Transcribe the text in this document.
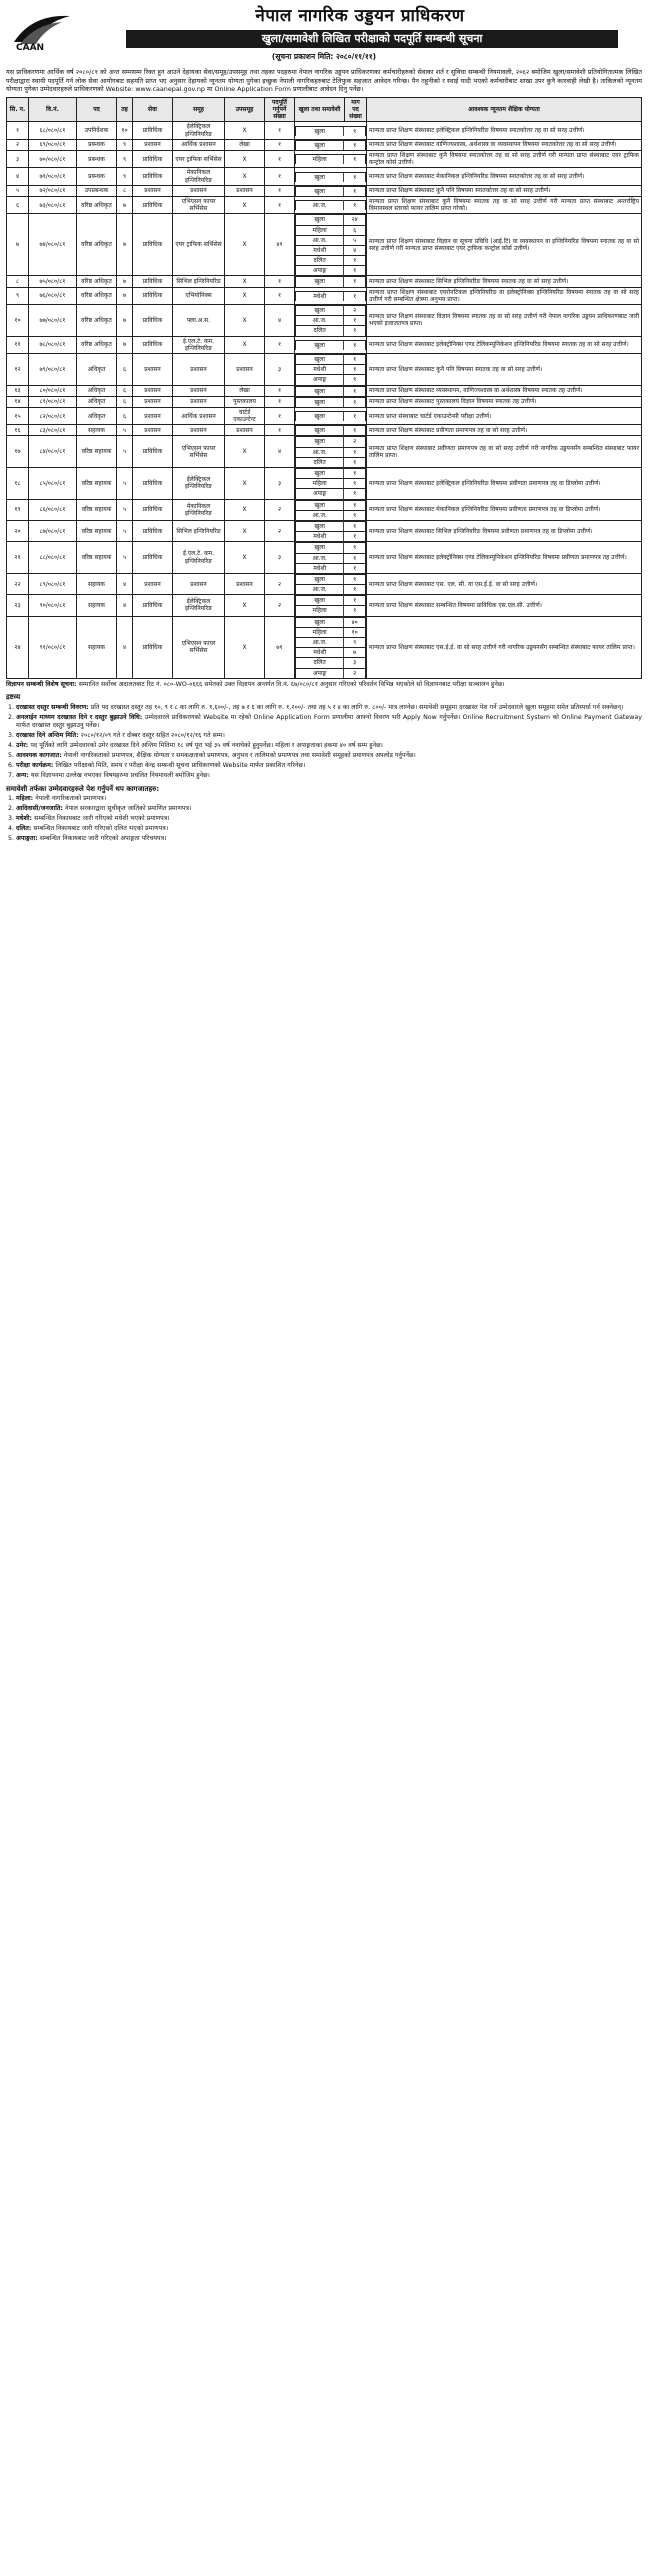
CAAN
नेपाल नागरिक उड्डयन प्राधिकरण
खुला/समावेशी लिखित परीक्षाको पदपूर्ति सम्बन्धी सूचना
(सूचना प्रकाशन मिति: २०८०/११/११)
यस प्राधिकरणमा आर्थिक वर्ष २०८०/८१ को अन्त सम्मसम्म रिक्त हुन आउने देहायका सेवा/समूह/उपसमूह तथा तहका पदहरुमा नेपाल नागरिक उड्डयन प्राधिकरणका कर्मचारीहरुको सेवाका शर्त र सुविधा सम्बन्धी नियमावली, २०६२ बमोजिम खुला/समावेशी प्रतियोगितात्मक लिखित परीक्षाद्वारा स्थायी पदपूर्ति गर्न लोक सेवा आयोगबाट सहमति प्राप्त भए अनुसार देहायको न्यूनतम योग्यता पुगेका इच्छुक नेपाली नागरिकहरुबाट टेलिफुक सहजात आवेदन गरिन्छ। पैन तहूनीको र स्थाई यादी भएको कर्मचारीबाट शाखा उपर कुनै कारवाही लेखी है। ताकिलको न्यूनतम योग्यता पुगेका उम्मेदवारहरुले प्राधिकरणको Website: www.caanepal.gov.np मा Online Application Form प्रणालीबाट आवेदन दिनु पर्नेछ।
सि. न.	वि.नं.	पद	तह	सेवा	समूह	उपसमूह	पदपूर्ति गर्नुपर्ने संख्या	खुला तथा समावेशी	माग पद संख्या	आवश्यक न्यूनतम शैक्षिक योग्यता
१	६८/०८०/८१	उपनिर्देशक	१०	प्राविधिक	ईलेक्ट्रिकल इन्जिनियरिङ	X	१		खुला	१
	मान्यता प्राप्त शिक्षण संस्थाबाट इलेक्ट्रिकल इन्जिनियरिङ विषयमा स्नातकोत्तर तह वा सो सरह उत्तीर्ण।
२	६९/०८०/८१	प्रबन्धक	९	प्रशासन	आर्थिक प्रशासन	लेखा	१		खुला	१
	मान्यता प्राप्त शिक्षण संस्थाबाट वाणिज्यशास्त्र, अर्थशास्त्र वा व्यवस्थापन विषयमा स्नातकोत्तर तह वा सो सरह उत्तीर्ण।
३	७०/०८०/८१	प्रबन्धक	९	प्राविधिक	एयर ट्राफिक सर्भिसेस	X	१		महिला	१
	मान्यता प्राप्त शिक्षण संस्थाबाट कुनै विषयमा स्नातकोत्तर तह वा सो सरह उत्तीर्ण गरी मान्यता प्राप्त संस्थाबाट एयर ट्राफिक कन्ट्रोल कोर्स उत्तीर्ण।
४	७१/०८०/८१	प्रबन्धक	९	प्राविधिक	मेकानिकल इन्जिनियरिङ	X	१		खुला	१
	मान्यता प्राप्त शिक्षण संस्थाबाट मेकानिकल इन्जिनियरिङ विषयमा स्नातकोत्तर तह वा सो सरह उत्तीर्ण।
५	७२/०८०/८१	उपप्रबन्धक	८	प्रशासन	प्रशासन	प्रशासन	१		खुला	१
	मान्यता प्राप्त शिक्षण संस्थाबाट कुनै पनि विषयमा स्नातकोत्तर तह वा सो सरह उत्तीर्ण।
६	७३/०८०/८१	वरिष्ठ अधिकृत	७	प्राविधिक	एभिएसन फायर सर्भिसेस	X	१		आ.ज.	१
	मान्यता प्राप्त शिक्षण संस्थाबाट कुनै विषयमा स्नातक तह वा सो सरह उत्तीर्ण गरी मान्यता प्राप्त संस्थाबाट अन्तर्राष्ट्रिय विमानस्थल स्तरको फायर तालिम प्राप्त गरेको।
७	७४/०८०/८१	वरिष्ठ अधिकृत	७	प्राविधिक	एयर ट्राफिक सर्भिसेस	X	४१	
खुला	२४
महिला	६
आ.ज.	५
मधेशी	४
दलित	१
अपाङ्ग	१
	मान्यता प्राप्त शिक्षण संस्थाबाट विज्ञान वा सूचना प्रविधि (आई.टि) वा व्यवस्थापन वा इन्जिनियरिङ विषयमा स्नातक तह वा सो सरह उत्तीर्ण गरी मान्यता प्राप्त संस्थाबाट एयर ट्राफिक कन्ट्रोल कोर्स उत्तीर्ण।
८	७५/०८०/८१	वरिष्ठ अधिकृत	७	प्राविधिक	सिभिल इन्जिनियरिङ	X	१		खुला	१
	मान्यता प्राप्त शिक्षण संस्थाबाट सिभिल इन्जिनियरिङ विषयमा स्नातक तह वा सो सरह उत्तीर्ण।
९	७६/०८०/८१	वरिष्ठ अधिकृत	७	प्राविधिक	एभियोनिक्स	X	१		मधेशी	१
	मान्यता प्राप्त शिक्षण संस्थाबाट एयरोनटिकल इन्जिनियरिङ वा इलेक्ट्रोनिक्स इन्जिनियरिङ विषयमा स्नातक तह वा सो सरह उत्तीर्ण गरी सम्बन्धित क्षेत्रमा अनुभव प्राप्त।
१०	७७/०८०/८१	वरिष्ठ अधिकृत	७	प्राविधिक	फ्ला.अ.स.	X	४	
खुला	२
आ.ज.	१
दलित	१
	मान्यता प्राप्त शिक्षण संस्थाबाट विज्ञान विषयमा स्नातक तह वा सो सरह उत्तीर्ण गरी नेपाल नागरिक उड्डयन प्राधिकरणबाट जारी भएको इजाजतपत्र प्राप्त।
११	७८/०८०/८१	वरिष्ठ अधिकृत	७	प्राविधिक	ई.एल.टे. कम. इन्जिनियरिङ	X	१		खुला	१
	मान्यता प्राप्त शिक्षण संस्थाबाट इलेक्ट्रोनिक्स एण्ड टेलिकम्युनिकेशन इन्जिनियरिङ विषयमा स्नातक तह वा सो सरह उत्तीर्ण।
१२	७९/०८०/८१	अधिकृत	६	प्रशासन	प्रशासन	प्रशासन	३	
खुला	१
मधेशी	१
अपाङ्ग	१
	मान्यता प्राप्त शिक्षण संस्थाबाट कुनै पनि विषयमा स्नातक तह वा सो सरह उत्तीर्ण।
१३	८०/०८०/८१	अधिकृत	६	प्रशासन	प्रशासन	लेखा	१		खुला	१
	मान्यता प्राप्त शिक्षण संस्थाबाट व्यवस्थापन, वाणिज्यशास्त्र वा अर्थशास्त्र विषयमा स्नातक तह उत्तीर्ण।
१४	८१/०८०/८१	अधिकृत	६	प्रशासन	प्रशासन	पुस्तकालय	१		खुला	१
	मान्यता प्राप्त शिक्षण संस्थाबाट पुस्तकालय विज्ञान विषयमा स्नातक तह उत्तीर्ण।
१५	८२/०८०/८१	अधिकृत	६	प्रशासन	आर्थिक प्रशासन	चार्टर्ड एकाउन्टेन्ट	१		खुला	१
	मान्यता प्राप्त संस्थाबाट चार्टर्ड एकाउन्टेन्सी परीक्षा उत्तीर्ण।
१६	८३/०८०/८१	सहायक	५	प्रशासन	प्रशासन	प्रशासन	१		खुला	१
	मान्यता प्राप्त शिक्षण संस्थाबाट प्रवीणता प्रमाणपत्र तह वा सो सरह उत्तीर्ण।
१७	८४/०८०/८१	वरिष्ठ सहायक	५	प्राविधिक	एभिएसन फायर सर्भिसेस	X	४	
खुला	२
आ.ज.	१
दलित	१
	मान्यता प्राप्त शिक्षण संस्थाबाट प्रवीणता प्रमाणपत्र तह वा सो सरह उत्तीर्ण गरी नागरिक उड्डयनसँग सम्बन्धित संस्थाबाट फायर तालिम प्राप्त।
१८	८५/०८०/८१	वरिष्ठ सहायक	५	प्राविधिक	ईलेक्ट्रिकल इन्जिनियरिङ	X	३	
खुला	१
महिला	१
अपाङ्ग	१
	मान्यता प्राप्त शिक्षण संस्थाबाट इलेक्ट्रिकल इन्जिनियरिङ विषयमा प्रवीणता प्रमाणपत्र तह वा डिप्लोमा उत्तीर्ण।
१९	८६/०८०/८१	वरिष्ठ सहायक	५	प्राविधिक	मेकानिकल इन्जिनियरिङ	X	२	
खुला	१
आ.ज.	१
	मान्यता प्राप्त शिक्षण संस्थाबाट मेकानिकल इन्जिनियरिङ विषयमा प्रवीणता प्रमाणपत्र तह वा डिप्लोमा उत्तीर्ण।
२०	८७/०८०/८१	वरिष्ठ सहायक	५	प्राविधिक	सिभिल इन्जिनियरिङ	X	२	
खुला	१
मधेशी	१
	मान्यता प्राप्त शिक्षण संस्थाबाट सिभिल इन्जिनियरिङ विषयमा प्रवीणता प्रमाणपत्र तह वा डिप्लोमा उत्तीर्ण।
२१	८८/०८०/८१	वरिष्ठ सहायक	५	प्राविधिक	ई.एल.टे. कम. इन्जिनियरिङ	X	३	
खुला	१
आ.ज.	१
मधेशी	१
	मान्यता प्राप्त शिक्षण संस्थाबाट इलेक्ट्रोनिक्स एण्ड टेलिकम्युनिकेशन इन्जिनियरिङ विषयमा प्रवीणता प्रमाणपत्र तह उत्तीर्ण।
२२	८९/०८०/८१	सहायक	४	प्रशासन	प्रशासन	प्रशासन	२	
खुला	१
आ.ज.	१
	मान्यता प्राप्त शिक्षण संस्थाबाट एस. एल. सी. वा एस.ई.ई. वा सो सरह उत्तीर्ण।
२३	९०/०८०/८१	सहायक	४	प्राविधिक	ईलेक्ट्रिकल इन्जिनियरिङ	X	२	
खुला	१
महिला	१
	मान्यता प्राप्त शिक्षण संस्थाबाट सम्बन्धित विषयमा प्राविधिक एस.एल.सी. उत्तीर्ण।
२४	९१/०८०/८१	सहायक	४	प्राविधिक	एभिएसन फायर सर्भिसेस	X	७१	
खुला	४०
महिला	१०
आ.ज.	९
मधेशी	७
दलित	३
अपाङ्ग	२
	मान्यता प्राप्त शिक्षण संस्थाबाट एस.ई.ई. वा सो सरह उत्तीर्ण गरी नागरिक उड्डयनसँग सम्बन्धित संस्थाबाट फायर तालिम प्राप्त।
विज्ञापन सम्बन्धी विशेष सूचना: सम्मानित सर्वोच्च अदालतबाट रिट नं. ०८०-WO-०६६६ समेतको उक्त विज्ञापन अन्तर्गत वि.नं. ६७/०८०/८१ अनुसार गरिएको परिवर्तन विभिन्न भएकोले सो विज्ञापनबाट परीक्षा सञ्चालन हुनेछ।
द्रष्टव्य
1. दरखास्त दस्तुर सम्बन्धी विवरण: प्रति पद दरखास्त दस्तुर तह १०, ९ र ८ का लागि रु. १,६००/-, तह ७ र ६ का लागि रु. १,२००/- तथा तह ५ र ४ का लागि रु. ८००/- मात्र लाग्नेछ। समावेशी समूहमा दरखास्त पेश गर्ने उम्मेदवारले खुला समूहमा समेत प्रतिस्पर्धा गर्न सक्नेछन्।
2. अनलाईन माध्यम दरखास्त दिने र दस्तुर बुझाउने विधि: उम्मेदवारले प्राधिकरणको Website मा रहेको Online Application Form प्रणालीमा आफ्नो विवरण भरी Apply Now गर्नुपर्नेछ। Online Recruitment System को Online Payment Gateway मार्फत दरखास्त दस्तुर बुझाउनु पर्नेछ।
3. दरखास्त दिने अन्तिम मिति: २०८०/१२/०९ गते र दोब्बर दस्तुर सहित २०८०/१२/१६ गते सम्म।
4. उमेर: पद पूर्तिको लागि उम्मेदवारको उमेर दरखास्त दिने अन्तिम मितिमा १८ वर्ष पूरा भई ३५ वर्ष ननाघेको हुनुपर्नेछ। महिला र अपाङ्गताका हकमा ४० वर्ष सम्म हुनेछ।
5. आवश्यक कागजात: नेपाली नागरिकताको प्रमाणपत्र, शैक्षिक योग्यता र समकक्षताको प्रमाणपत्र, अनुभव र तालिमको प्रमाणपत्र तथा समावेशी समूहको प्रमाणपत्र अपलोड गर्नुपर्नेछ।
6. परीक्षा कार्यक्रम: लिखित परीक्षाको मिति, समय र परीक्षा केन्द्र सम्बन्धी सूचना प्राधिकरणको Website मार्फत प्रकाशित गरिनेछ।
7. अन्य: यस विज्ञापनमा उल्लेख नभएका विषयहरुमा प्रचलित नियमावली बमोजिम हुनेछ।
समावेशी तर्फका उम्मेदवारहरुले पेश गर्नुपर्ने थप कागजातहरु:
1. महिला: नेपाली नागरिकताको प्रमाणपत्र।
2. आदिवासी/जनजाति: नेपाल सरकारद्वारा सूचीकृत जातिको प्रमाणित प्रमाणपत्र।
3. मधेशी: सम्बन्धित निकायबाट जारी गरिएको मधेशी भएको प्रमाणपत्र।
4. दलित: सम्बन्धित निकायबाट जारी गरिएको दलित भएको प्रमाणपत्र।
5. अपाङ्गता: सम्बन्धित निकायबाट जारी गरिएको अपाङ्गता परिचयपत्र।
